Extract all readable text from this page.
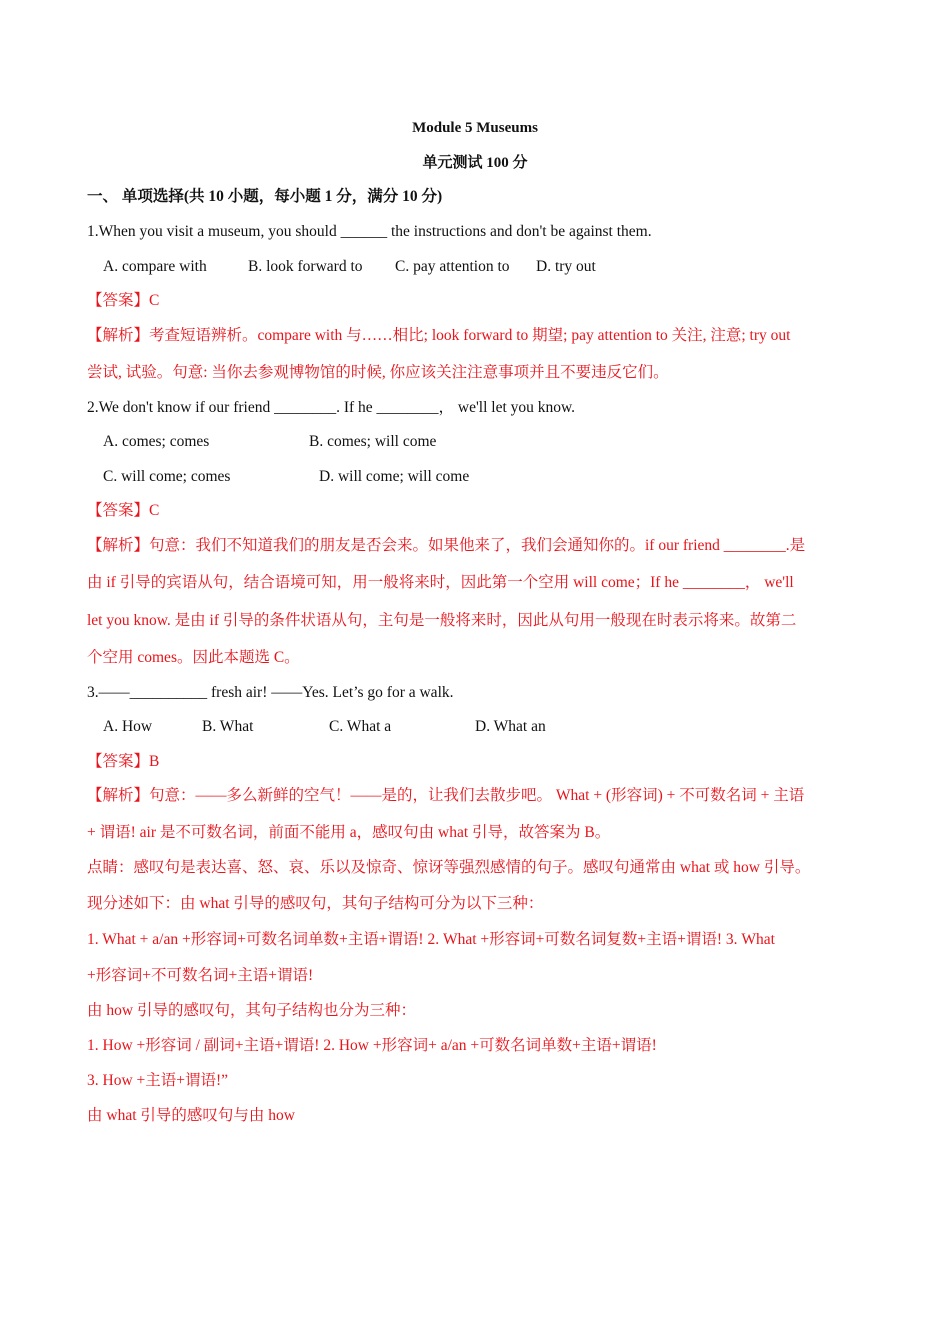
Module 5 Museums
单元测试 100 分
一、 单项选择(共 10 小题，每小题 1 分，满分 10 分)
1.When you visit a museum, you should ______ the instructions and don't be against them.
A. compare with	B. look forward to C. pay attention to D. try out
【答案】C
【解析】考查短语辨析。compare with 与……相比; look forward to 期望; pay attention to 关注, 注意; try out
尝试, 试验。句意: 当你去参观博物馆的时候, 你应该关注注意事项并且不要违反它们。
2.We don't know if our friend ________. If he ________， we'll let you know.
A. comes; comes	B. comes; will come
C. will come; comes	D. will come; will come
【答案】C
【解析】句意：我们不知道我们的朋友是否会来。如果他来了，我们会通知你的。if our friend ________.是
由 if 引导的宾语从句，结合语境可知，用一般将来时，因此第一个空用 will come；If he ________， we'll
let you know. 是由 if 引导的条件状语从句，主句是一般将来时，因此从句用一般现在时表示将来。故第二
个空用 comes。因此本题选 C。
3.——__________ fresh air! ——Yes. Let’s go for a walk.
A. How	B. What	C. What a	D. What an
【答案】B
【解析】句意：——多么新鲜的空气！——是的，让我们去散步吧。 What + (形容词) + 不可数名词 + 主语
+ 谓语! air 是不可数名词，前面不能用 a，感叹句由 what 引导，故答案为 B。
点睛：感叹句是表达喜、怒、哀、乐以及惊奇、惊讶等强烈感情的句子。感叹句通常由 what 或 how 引导。
现分述如下：由 what 引导的感叹句，其句子结构可分为以下三种：
1. What + a/an +形容词+可数名词单数+主语+谓语! 2. What +形容词+可数名词复数+主语+谓语! 3. What
+形容词+不可数名词+主语+谓语!
由 how 引导的感叹句，其句子结构也分为三种：
1. How +形容词 / 副词+主语+谓语! 2. How +形容词+ a/an +可数名词单数+主语+谓语!
3. How +主语+谓语!”
由 what 引导的感叹句与由 how
